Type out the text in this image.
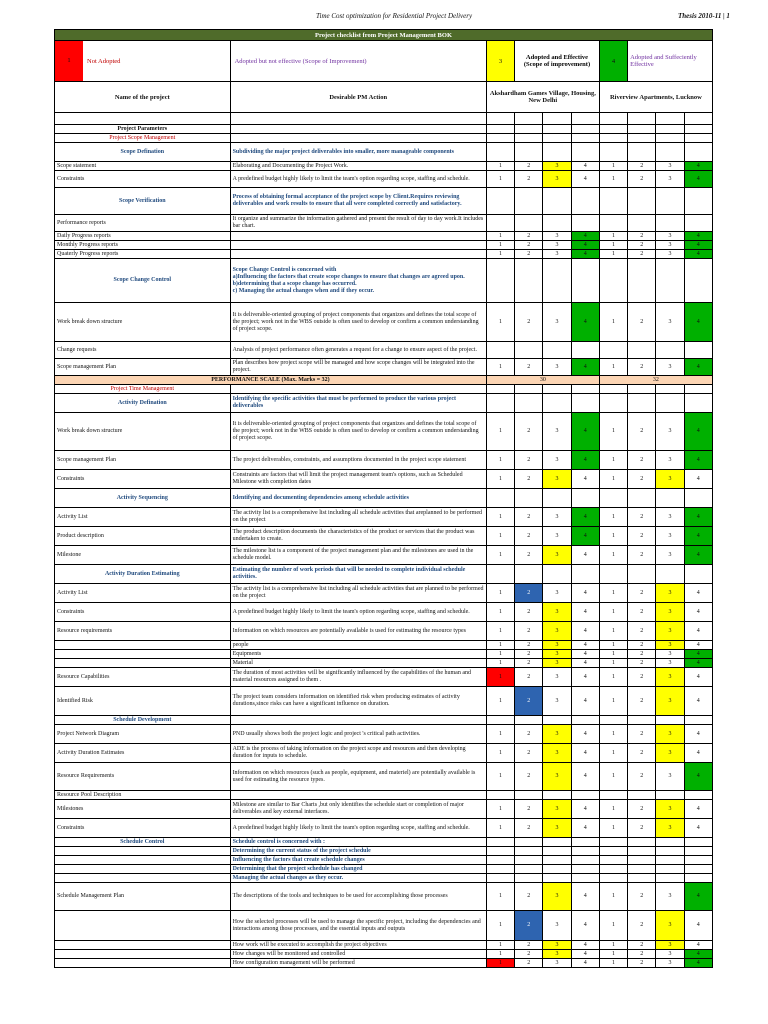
Time Cost optimization for Residential Project Delivery	Thesis 2010-11 | 1
Project checklist from Project Management BOK									

1 Not Adopted	Adopted but not effective (Scope of Improvement)	3	Adopted and Effective (Scope of improvement)			4	Adopted and Suffeciently Effective		
Name of the project	Desirable PM Action	Akshardham Games Village, Housing, New Delhi				Riverview Apartments, Lucknow			

Project Parameters									
Project Scope Management									
Scope Defination	Subdividing the major project deliverables into smaller, more manageable components								
Scope statement	Elaborating and Documenting the Project Work.	1	2	3	4	1	2	3	4
Constraints	A predefined budget highly likely to limit the team's option regarding scope, staffing and schedule.	1	2	3	4	1	2	3	4
Scope Verification	Process of obtaining formal acceptance of the project scope by Client.Requires reviewing deliverables and work results to ensure that all were completed correctly and satisfactory.								
Performance reports	It organize and summarize the information gathered and present the result of day to day work.It includes bar chart.								
Daily Progress reports		1	2	3	4	1	2	3	4
Monthly Progress reports		1	2	3	4	1	2	3	4
Quaterly Progress reports		1	2	3	4	1	2	3	4
Scope Change Control	Scope Change Control is concerned with
a)Influencing the factors that create scope changes to ensure that changes are agreed upon.
b)determining that a scope change has occurred.
c) Managing the actual changes when and if they occur.								
Work break down structure	It is deliverable-oriented grouping of project components that organizes and defines the total scope of the project; work not in the WBS outside is often used to develop or confirm a common understanding of project scope.	1	2	3	4	1	2	3	4
Change requests	Analysis of project performance often generates a request for a change to ensure aspect of the project.								
Scope management Plan	Plan describes how project scope will be managed and how scope changes will be integrated into the project.	1	2	3	4	1	2	3	4
PERFORMANCE SCALE (Max. Marks = 32)		30				32			
Project Time Management									
Activity Defination	Identifying the specific activities that must be performed to produce the various project deliverables								
Work break down structure	It is deliverable-oriented grouping of project components that organizes and defines the total scope of the project; work not in the WBS outside is often used to develop or confirm a common understanding of project scope.	1	2	3	4	1	2	3	4
Scope management Plan	The project deliverables, constraints, and assumptions documented in the project scope statement	1	2	3	4	1	2	3	4
Constraints	Constraints are factors that will limit the project management team's options, such as Scheduled Milestone with completion dates	1	2	3	4	1	2	3	4
Activity Sequencing	Identifying and documenting dependencies among schedule activities								
Activity List	The activity list is a comprehensive list including all schedule activities that areplanned to be performed on the project	1	2	3	4	1	2	3	4
Product description	The product description documents the characteristics of the product or services that the product was undertaken to create.	1	2	3	4	1	2	3	4
Milestone	The milestone list is a component of the project management plan and the milestones are used in the schedule model.	1	2	3	4	1	2	3	4
Activity Duration Estimating	Estimating the number of work periods that will be needed to complete individual schedule activities.								
Activity List	The activity list is a comprehensive list including all schedule activities that are planned to be performed on the project	1	2	3	4	1	2	3	4
Constraints	A predefined budget highly likely to limit the team's option regarding scope, staffing and schedule.	1	2	3	4	1	2	3	4
Resource requirements	Information on which resources are potentially available is used for estimating the resource types	1	2	3	4	1	2	3	4
	people	1	2	3	4	1	2	3	4
	Equipments	1	2	3	4	1	2	3	4
	Material	1	2	3	4	1	2	3	4
Resource Capabilities	The duration of most activities will be significantly influenced by the capabilities of the human and material resources assigned to them .	1	2	3	4	1	2	3	4
Identified Risk	The project team considers information on identified risk when producing estimates of activity durations,since risks can have a significant influence on duration.	1	2	3	4	1	2	3	4
Schedule Development									
Project Network Diagram	PND usually shows both the project logic and project 's critical path activities.	1	2	3	4	1	2	3	4
Activity Duration Estimates	ADE is the process of taking information on the project scope and resources and then developing duration for inputs to schedule.	1	2	3	4	1	2	3	4
Resource Requirements	Information on which resources (such as people, equipment, and materiel) are potentially available is used for estimating the resource types.	1	2	3	4	1	2	3	4
Resource Pool Description									
Milestones	Milestone are similar to Bar Charts ,but only identifies the schedule start or completion of major deliverables and key external interfaces.	1	2	3	4	1	2	3	4
Constraints	A predefined budget highly likely to limit the team's option regarding scope, staffing and schedule.	1	2	3	4	1	2	3	4
Schedule Control	Schedule control is concerned with :								
	Determining the current status of the project schedule								
	Influencing the factors that create schedule changes								
	Determining that the project schedule has changed								
	Managing the actual changes as they occur.								
Schedule Management Plan	The descriptions of the tools and techniques to be used for accomplishing those processes	1	2	3	4	1	2	3	4
	How the selected processes will be used to manage the specific project, including the dependencies and interactions among those processes, and the essential inputs and outputs	1	2	3	4	1	2	3	4
	How work will be executed to accomplish the project objectives	1	2	3	4	1	2	3	4
	How changes will be monitored and controlled	1	2	3	4	1	2	3	4
	How configuration management will be performed	1	2	3	4	1	2	3	4
